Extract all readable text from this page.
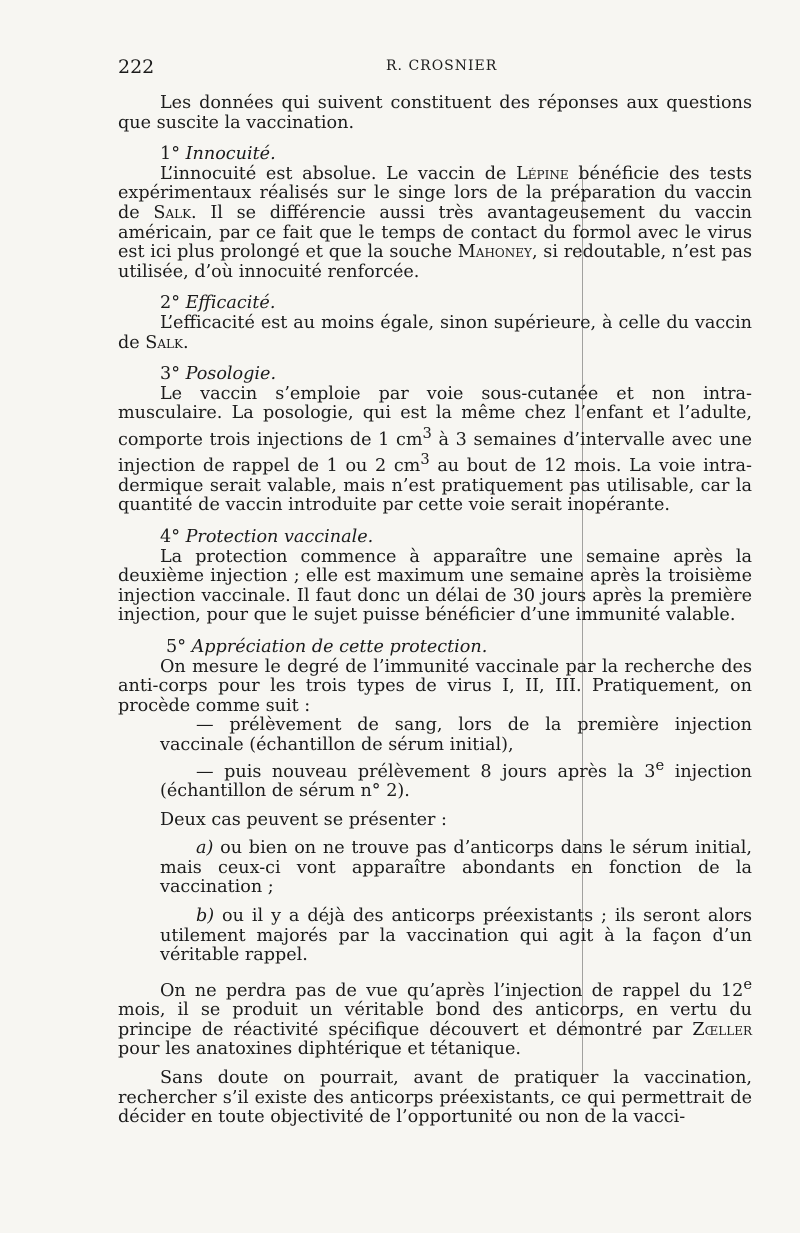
222	R. CROSNIER

Les données qui suivent constituent des réponses aux questions que suscite la vaccination.

1° Innocuité.

L’innocuité est absolue. Le vaccin de Lépine bénéficie des tests expérimentaux réalisés sur le singe lors de la préparation du vaccin de Salk. Il se différencie aussi très avantageusement du vaccin américain, par ce fait que le temps de contact du formol avec le virus est ici plus prolongé et que la souche Mahoney, si redoutable, n’est pas utilisée, d’où innocuité renforcée.

2° Efficacité.

L’efficacité est au moins égale, sinon supérieure, à celle du vaccin de Salk.

3° Posologie.

Le vaccin s’emploie par voie sous-cutanée et non intra-musculaire. La posologie, qui est la même chez l’enfant et l’adulte, comporte trois injections de 1 $cm^3$ à 3 semaines d’intervalle avec une injection de rappel de 1 ou 2 $cm^3$ au bout de 12 mois. La voie intra-dermique serait valable, mais n’est pratiquement pas utilisable, car la quantité de vaccin introduite par cette voie serait inopérante.

4° Protection vaccinale.

La protection commence à apparaître une semaine après la deuxième injection ; elle est maximum une semaine après la troisième injection vaccinale. Il faut donc un délai de 30 jours après la première injection, pour que le sujet puisse bénéficier d’une immunité valable.

5° Appréciation de cette protection.

On mesure le degré de l’immunité vaccinale par la recherche des anti-corps pour les trois types de virus I, II, III. Pratiquement, on procède comme suit :

— prélèvement de sang, lors de la première injection vaccinale (échantillon de sérum initial),

— puis nouveau prélèvement 8 jours après la 3e injection (échantillon de sérum n° 2).

Deux cas peuvent se présenter :

a) ou bien on ne trouve pas d’anticorps dans le sérum initial, mais ceux-ci vont apparaître abondants en fonction de la vaccination ;

b) ou il y a déjà des anticorps préexistants ; ils seront alors utilement majorés par la vaccination qui agit à la façon d’un véritable rappel.

On ne perdra pas de vue qu’après l’injection de rappel du 12e mois, il se produit un véritable bond des anticorps, en vertu du principe de réactivité spécifique découvert et démontré par Zœller pour les anatoxines diphtérique et tétanique.

Sans doute on pourrait, avant de pratiquer la vaccination, rechercher s’il existe des anticorps préexistants, ce qui permettrait de décider en toute objectivité de l’opportunité ou non de la vacci-
